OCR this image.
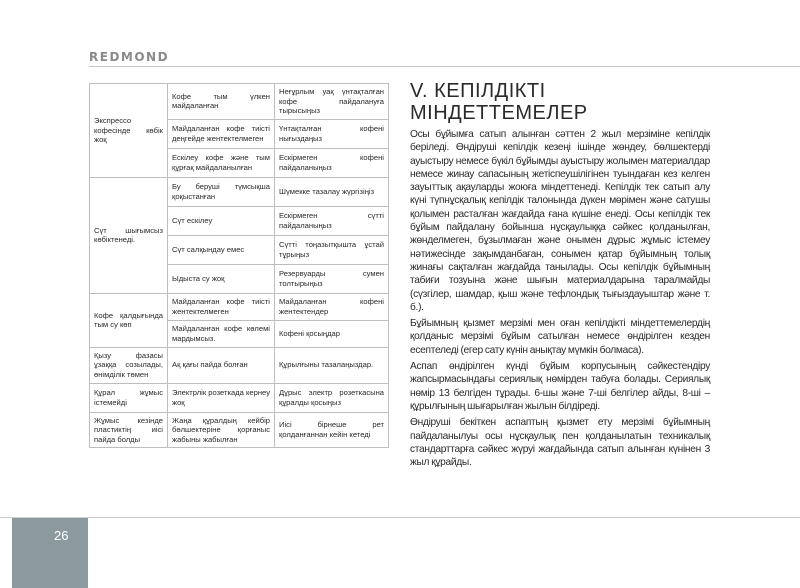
REDMOND
Экспрессо кофесінде көбік жоқ	Кофе тым үлкен майдаланған	Неғұрлым уақ үнтақталған кофе пайдалануға тырысыңыз
	Майдаланған кофе тиісті деңгейде жентектелмеген	Үнтақталған кофені нығыздаңыз
	Ескілеу кофе және тым құрғақ майдаланылған	Ескірмеген кофені пайдаланыңыз
Сүт шығымсыз көбіктенеді.	Бу беруші түмсықша қоқыстанған	Шүмекке тазалау жүргізіңіз
	Сүт ескілеу	Ескірмеген сүтті пайдаланыңыз
	Сүт салқындау емес	Сүтті тоңазытқышта ұстай тұрыңыз
	Ыдыста су жоқ	Резервуарды сумен толтырыңыз
Кофе қалдығында тым су көп	Майдаланған кофе тиісті жентектелмеген	Майдаланған кофені жентектендер
	Майдаланған кофе көлемі мардымсыз.	Кофені қосыңдар
Қызу фазасы ұзаққа созылады, өнімділік төмен	Ақ қағы пайда болған	Құрылғыны тазалаңыздар.
Құрал жұмыс істемейді	Электрлік розеткада кернеу жоқ	Дұрыс электр розеткасына құралды қосыңыз
Жұмыс кезінде пластиктің иісі пайда болды	Жаңа құралдың кейбір бөлшектеріне қорғаныс жабыны жабылған	Иісі бірнеше рет қолданғаннан кейін кетеді
V. КЕПІЛДІКТІ МІНДЕТТЕМЕЛЕР

Осы бұйымға сатып алынған сәттен 2 жыл мерзіміне кепілдік беріледі. Өндіруші кепілдік кезеңі ішінде жөндеу, бөлшектерді ауыстыру немесе бүкіл бұйымды ауыстыру жолымен материалдар немесе жинау сапасының жетіспеушілігінен туындаған кез келген зауыттық ақауларды жоюға міндеттенеді. Кепілдік тек сатып алу күні түпнұсқалық кепілдік талонында дүкен мөрімен және сатушы қолымен расталған жағдайда ғана күшіне енеді. Осы кепілдік тек бұйым пайдалану бойынша нұсқаулыққа сәйкес қолданылған, жөнделмеген, бұзылмаған және онымен дұрыс жұмыс істемеу нәтижесінде зақымданбаған, сонымен қатар бұйымның толық жинағы сақталған жағдайда танылады. Осы кепілдік бұйымның табиғи тозуына және шығын материалдарына таралмайды (сүзгілер, шамдар, қыш және тефлондық тығыздауыштар және т. б.).

Бұйымның қызмет мерзімі мен оған кепілдікті міндеттемелердің қолданыс мерзімі бұйым сатылған немесе өндірілген кезден есептеледі (егер сату күнін анықтау мүмкін болмаса).

Аспап өндірілген күнді бұйым корпусының сәйкестендіру жапсырмасындағы сериялық нөмірден табуға болады. Сериялық нөмір 13 белгіден тұрады. 6-шы және 7-ші белгілер айды, 8-ші – құрылғының шығарылған жылын білдіреді.

Өндіруші бекіткен аспаптың қызмет ету мерзімі бұйымның пайдаланылуы осы нұсқаулық пен қолданылатын техникалық стандарттарға сәйкес жүруі жағдайында сатып алынған күнінен 3 жыл құрайды.

26
